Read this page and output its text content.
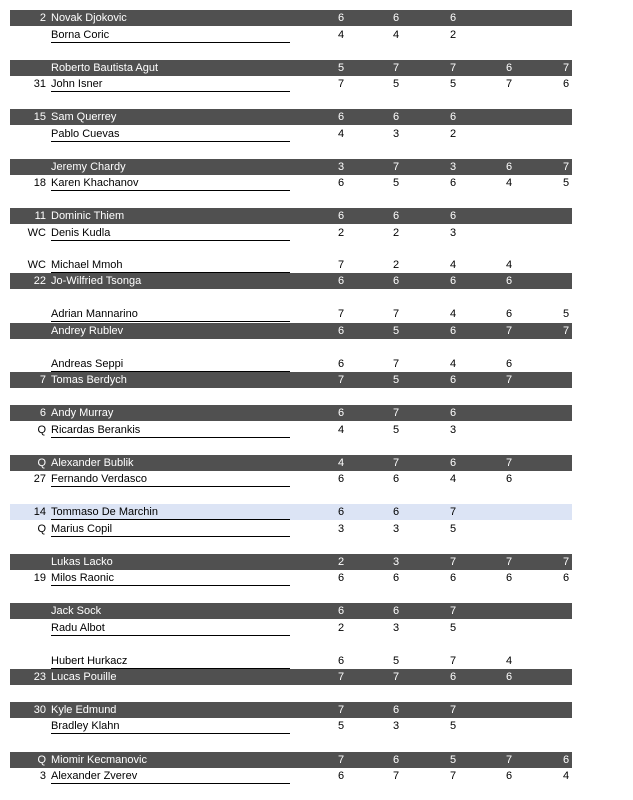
2 Novak Djokovic	6	6	6
Borna Coric	4	4	2
Roberto Bautista Agut	5	7	7	6	7
31 John Isner	7	5	5	7	6
15 Sam Querrey	6	6	6
Pablo Cuevas	4	3	2
Jeremy Chardy	3	7	3	6	7
18 Karen Khachanov	6	5	6	4	5
11 Dominic Thiem	6	6	6
WC Denis Kudla	2	2	3
WC Michael Mmoh	7	2	4	4
22 Jo-Wilfried Tsonga	6	6	6	6
Adrian Mannarino	7	7	4	6	5
Andrey Rublev	6	5	6	7	7
Andreas Seppi	6	7	4	6
7 Tomas Berdych	7	5	6	7
6 Andy Murray	6	7	6
Q Ricardas Berankis	4	5	3
Q Alexander Bublik	4	7	6	7
27 Fernando Verdasco	6	6	4	6
14 Tommaso De Marchin	6	6	7
Q Marius Copil	3	3	5
Lukas Lacko	2	3	7	7	7
19 Milos Raonic	6	6	6	6	6
Jack Sock	6	6	7
Radu Albot	2	3	5
Hubert Hurkacz	6	5	7	4
23 Lucas Pouille	7	7	6	6
30 Kyle Edmund	7	6	7
Bradley Klahn	5	3	5
Q Miomir Kecmanovic	7	6	5	7	6
3 Alexander Zverev	6	7	7	6	4
